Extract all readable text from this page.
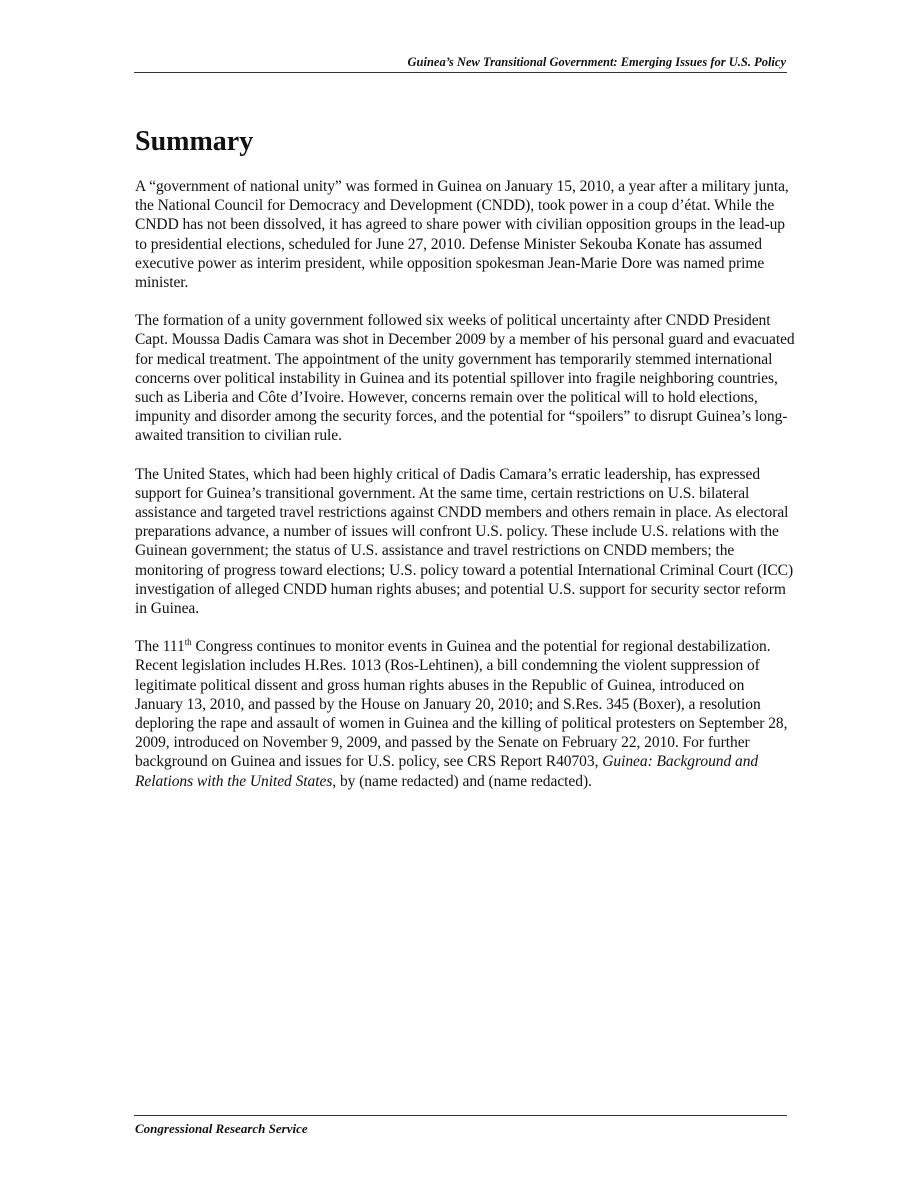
Guinea’s New Transitional Government: Emerging Issues for U.S. Policy
Summary

A “government of national unity” was formed in Guinea on January 15, 2010, a year after a military junta, the National Council for Democracy and Development (CNDD), took power in a coup d’état. While the CNDD has not been dissolved, it has agreed to share power with civilian opposition groups in the lead-up to presidential elections, scheduled for June 27, 2010. Defense Minister Sekouba Konate has assumed executive power as interim president, while opposition spokesman Jean-Marie Dore was named prime minister.

The formation of a unity government followed six weeks of political uncertainty after CNDD President Capt. Moussa Dadis Camara was shot in December 2009 by a member of his personal guard and evacuated for medical treatment. The appointment of the unity government has temporarily stemmed international concerns over political instability in Guinea and its potential spillover into fragile neighboring countries, such as Liberia and Côte d’Ivoire. However, concerns remain over the political will to hold elections, impunity and disorder among the security forces, and the potential for “spoilers” to disrupt Guinea’s long-awaited transition to civilian rule.

The United States, which had been highly critical of Dadis Camara’s erratic leadership, has expressed support for Guinea’s transitional government. At the same time, certain restrictions on U.S. bilateral assistance and targeted travel restrictions against CNDD members and others remain in place. As electoral preparations advance, a number of issues will confront U.S. policy. These include U.S. relations with the Guinean government; the status of U.S. assistance and travel restrictions on CNDD members; the monitoring of progress toward elections; U.S. policy toward a potential International Criminal Court (ICC) investigation of alleged CNDD human rights abuses; and potential U.S. support for security sector reform in Guinea.

The 111th Congress continues to monitor events in Guinea and the potential for regional destabilization. Recent legislation includes H.Res. 1013 (Ros-Lehtinen), a bill condemning the violent suppression of legitimate political dissent and gross human rights abuses in the Republic of Guinea, introduced on January 13, 2010, and passed by the House on January 20, 2010; and S.Res. 345 (Boxer), a resolution deploring the rape and assault of women in Guinea and the killing of political protesters on September 28, 2009, introduced on November 9, 2009, and passed by the Senate on February 22, 2010. For further background on Guinea and issues for U.S. policy, see CRS Report R40703, Guinea: Background and Relations with the United States, by (name redacted) and (name redacted).

Congressional Research Service
